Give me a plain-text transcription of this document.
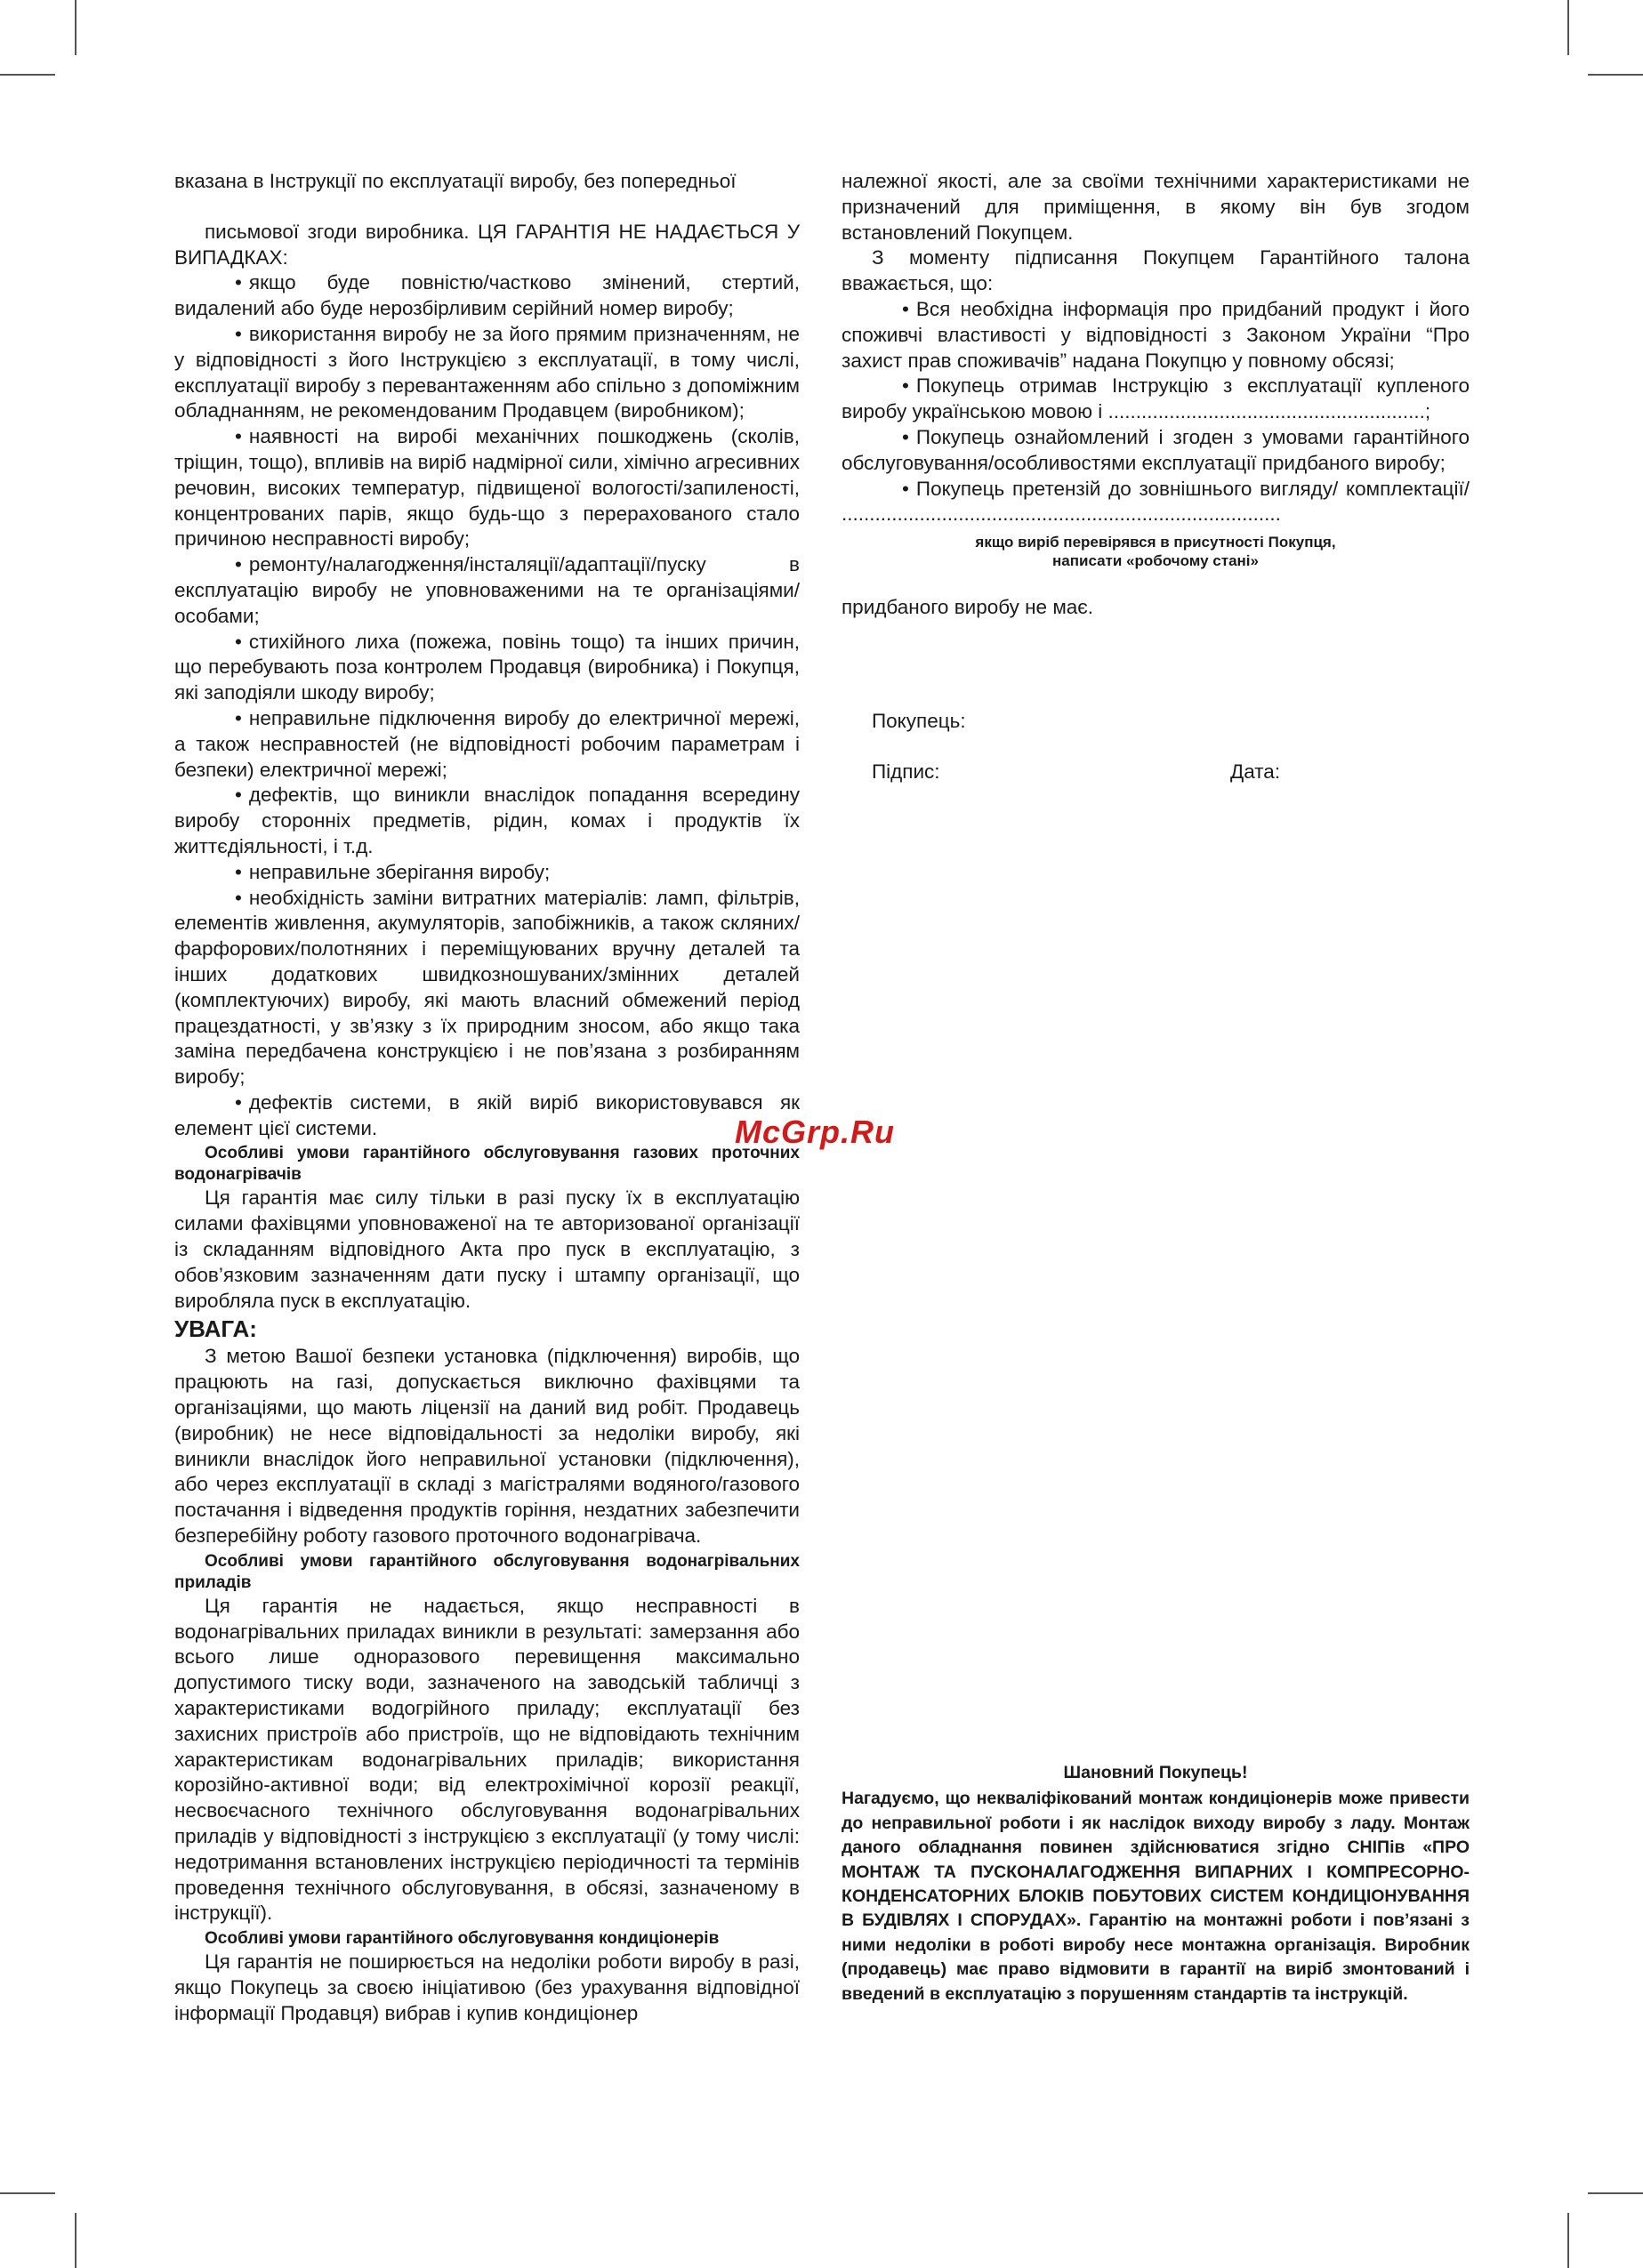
вказана в Інструкції по експлуатації виробу, без попередньої

письмової згоди виробника. ЦЯ ГАРАНТІЯ НЕ НАДАЄТЬСЯ У ВИПАДКАХ:

• якщо буде повністю/частково змінений, стертий, видалений або буде нерозбірливим серійний номер виробу;

• використання виробу не за його прямим призначенням, не у відповідності з його Інструкцією з експлуатації, в тому числі, експлуатації виробу з перевантаженням або спільно з допоміжним обладнанням, не рекомендованим Продавцем (виробником);

• наявності на виробі механічних пошкоджень (сколів, тріщин, тощо), впливів на виріб надмірної сили, хімічно агресивних речовин, високих температур, підвищеної вологості/запиленості, концентрованих парів, якщо будь-що з перерахованого стало причиною несправності виробу;

• ремонту/налагодження/інсталяції/адаптації/пуску в експлуатацію виробу не уповноваженими на те організаціями/особами;

• стихійного лиха (пожежа, повінь тощо) та інших причин, що перебувають поза контролем Продавця (виробника) і Покупця, які заподіяли шкоду виробу;

• неправильне підключення виробу до електричної мережі, а також несправностей (не відповідності робочим параметрам і безпеки) електричної мережі;

• дефектів, що виникли внаслідок попадання всередину виробу сторонніх предметів, рідин, комах і продуктів їх життєдіяльності, і т.д.

• неправильне зберігання виробу;

• необхідність заміни витратних матеріалів: ламп, фільтрів, елементів живлення, акумуляторів, запобіжників, а також скляних/фарфорових/полотняних і переміщуюваних вручну деталей та інших додаткових швидкозношуваних/змінних деталей (комплектуючих) виробу, які мають власний обмежений період працездатності, у зв’язку з їх природним зносом, або якщо така заміна передбачена конструкцією і не пов’язана з розбиранням виробу;

• дефектів системи, в якій виріб використовувався як елемент цієї системи.

Особливі умови гарантійного обслуговування газових проточних водонагрівачів

Ця гарантія має силу тільки в разі пуску їх в експлуатацію силами фахівцями уповноваженої на те авторизованої організації із складанням відповідного Акта про пуск в експлуатацію, з обов’язковим зазначенням дати пуску і штампу організації, що виробляла пуск в експлуатацію.

УВАГА:

З метою Вашої безпеки установка (підключення) виробів, що працюють на газі, допускається виключно фахівцями та організаціями, що мають ліцензії на даний вид робіт. Продавець (виробник) не несе відповідальності за недоліки виробу, які виникли внаслідок його неправильної установки (підключення), або через експлуатації в складі з магістралями водяного/газового постачання і відведення продуктів горіння, нездатних забезпечити безперебійну роботу газового проточного водонагрівача.

Особливі умови гарантійного обслуговування водонагрівальних приладів

Ця гарантія не надається, якщо несправності в водонагрівальних приладах виникли в результаті: замерзання або всього лише одноразового перевищення максимально допустимого тиску води, зазначеного на заводській табличці з характеристиками водогрійного приладу; експлуатації без захисних пристроїв або пристроїв, що не відповідають технічним характеристикам водонагрівальних приладів; використання корозійно-активної води; від електрохімічної корозії реакції, несвоєчасного технічного обслуговування водонагрівальних приладів у відповідності з інструкцією з експлуатації (у тому числі: недотримання встановлених інструкцією періодичності та термінів проведення технічного обслуговування, в обсязі, зазначеному в інструкції).

Особливі умови гарантійного обслуговування кондиціонерів

Ця гарантія не поширюється на недоліки роботи виробу в разі, якщо Покупець за своєю ініціативою (без урахування відповідної інформації Продавця) вибрав і купив кондиціонер

належної якості, але за своїми технічними характеристиками не призначений для приміщення, в якому він був згодом встановлений Покупцем.

З моменту підписання Покупцем Гарантійного талона вважається, що:

• Вся необхідна інформація про придбаний продукт і його споживчі властивості у відповідності з Законом України “Про захист прав споживачів” надана Покупцю у повному обсязі;

• Покупець отримав Інструкцію з експлуатації купленого виробу українською мовою і .........................................................;

• Покупець ознайомлений і згоден з умовами гарантійного обслуговування/особливостями експлуатації придбаного виробу;

• Покупець претензій до зовнішнього вигляду/ комплектації/ ...............................................................................

якщо виріб перевірявся в присутності Покупця,

написати «робочому стані»

придбаного виробу не має.

Покупець:
Підпис:	Дата:
McGrp.Ru

Шановний Покупець!

Нагадуємо, що некваліфікований монтаж кондиціонерів може привести до неправильної роботи і як наслідок виходу виробу з ладу. Монтаж даного обладнання повинен здійснюватися згідно СНІПів «ПРО МОНТАЖ ТА ПУСКОНАЛАГОДЖЕННЯ ВИПАРНИХ І КОМПРЕСОРНО-КОНДЕНСАТОРНИХ БЛОКІВ ПОБУТОВИХ СИСТЕМ КОНДИЦІОНУВАННЯ В БУДІВЛЯХ І СПОРУДАХ». Гарантію на монтажні роботи і пов’язані з ними недоліки в роботі виробу несе монтажна організація. Виробник (продавець) має право відмовити в гарантії на виріб змонтований і введений в експлуатацію з порушенням стандартів та інструкцій.
